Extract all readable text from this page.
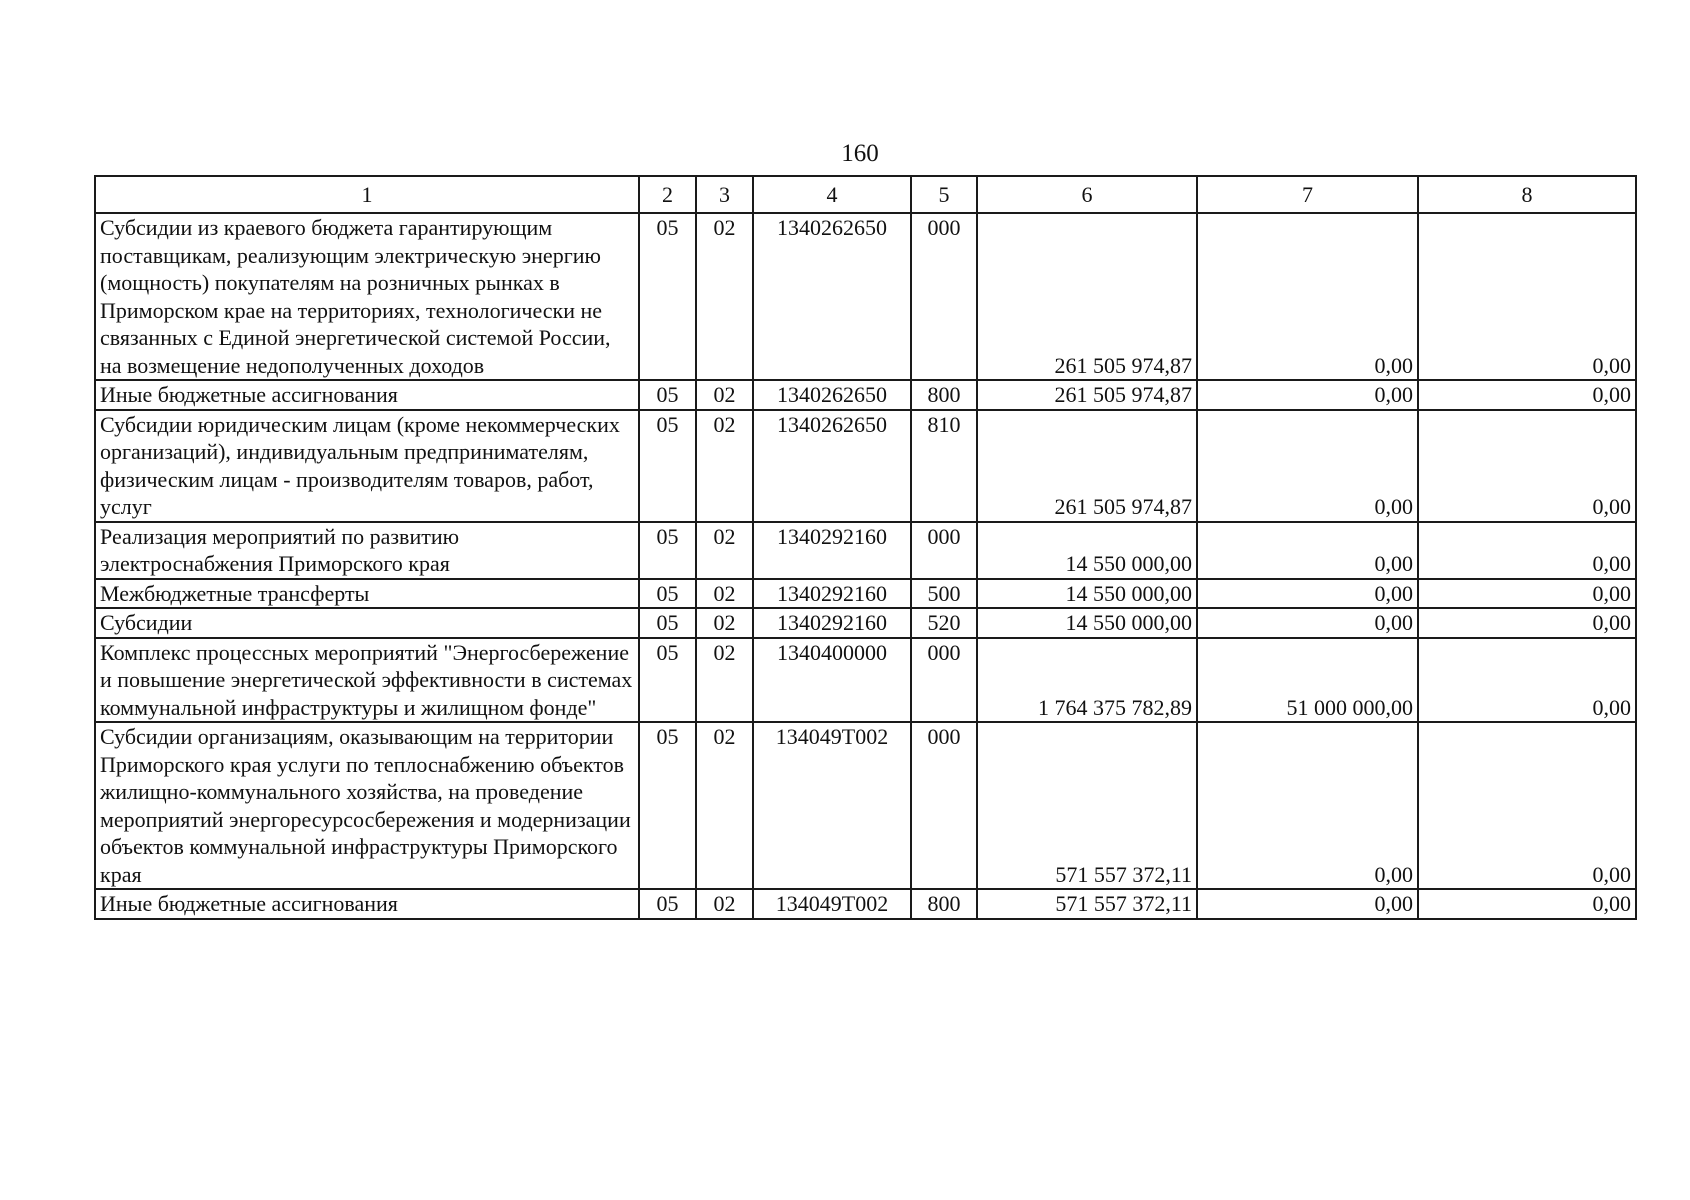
160
1	2	3	4	5	6	7	8
Субсидии из краевого бюджета гарантирующим поставщикам, реализующим электрическую энергию (мощность) покупателям на розничных рынках в Приморском крае на территориях, технологически не связанных с Единой энергетической системой России, на возмещение недополученных доходов	05	02	1340262650	000	261 505 974,87	0,00	0,00
Иные бюджетные ассигнования	05	02	1340262650	800	261 505 974,87	0,00	0,00
Субсидии юридическим лицам (кроме некоммерческих организаций), индивидуальным предпринимателям, физическим лицам - производителям товаров, работ, услуг	05	02	1340262650	810	261 505 974,87	0,00	0,00
Реализация мероприятий по развитию электроснабжения Приморского края	05	02	1340292160	000	14 550 000,00	0,00	0,00
Межбюджетные трансферты	05	02	1340292160	500	14 550 000,00	0,00	0,00
Субсидии	05	02	1340292160	520	14 550 000,00	0,00	0,00
Комплекс процессных мероприятий "Энергосбережение и повышение энергетической эффективности в системах коммунальной инфраструктуры и жилищном фонде"	05	02	1340400000	000	1 764 375 782,89	51 000 000,00	0,00
Субсидии организациям, оказывающим на территории Приморского края услуги по теплоснабжению объектов жилищно-коммунального хозяйства, на проведение мероприятий энергоресурсосбережения и модернизации объектов коммунальной инфраструктуры Приморского края	05	02	134049Т002	000	571 557 372,11	0,00	0,00
Иные бюджетные ассигнования	05	02	134049Т002	800	571 557 372,11	0,00	0,00
